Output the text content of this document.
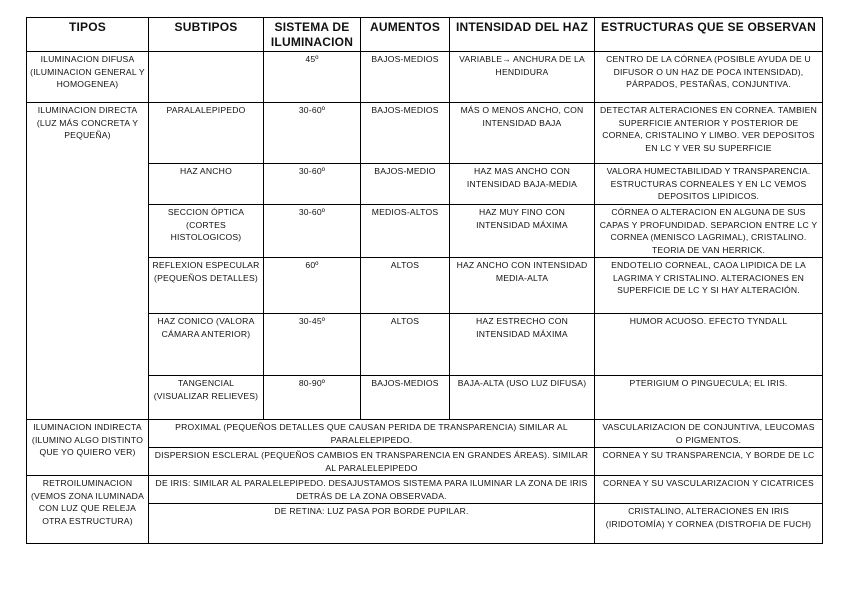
TIPOS	SUBTIPOS	SISTEMA DE ILUMINACION	AUMENTOS	INTENSIDAD DEL HAZ	ESTRUCTURAS QUE SE OBSERVAN
ILUMINACION DIFUSA (ILUMINACION GENERAL Y HOMOGENEA)		45º	BAJOS-MEDIOS	VARIABLE→ ANCHURA DE LA HENDIDURA	CENTRO DE LA CÓRNEA (POSIBLE AYUDA DE U DIFUSOR O UN HAZ DE POCA INTENSIDAD), PÁRPADOS, PESTAÑAS, CONJUNTIVA.
ILUMINACION DIRECTA (LUZ MÁS CONCRETA Y PEQUEÑA)	PARALALEPIPEDO	30-60º	BAJOS-MEDIOS	MÁS O MENOS ANCHO, CON INTENSIDAD BAJA	DETECTAR ALTERACIONES EN CORNEA. TAMBIEN SUPERFICIE ANTERIOR Y POSTERIOR DE CORNEA, CRISTALINO Y LIMBO. VER DEPOSITOS EN LC Y VER SU SUPERFICIE
	HAZ ANCHO	30-60º	BAJOS-MEDIO	HAZ MAS ANCHO CON INTENSIDAD BAJA-MEDIA	VALORA HUMECTABILIDAD Y TRANSPARENCIA. ESTRUCTURAS CORNEALES Y EN LC VEMOS DEPOSITOS LIPIDICOS.
	SECCION ÓPTICA (CORTES HISTOLOGICOS)	30-60º	MEDIOS-ALTOS	HAZ MUY FINO CON INTENSIDAD MÁXIMA	CÓRNEA O ALTERACION EN ALGUNA DE SUS CAPAS Y PROFUNDIDAD. SEPARCION ENTRE LC Y CORNEA (MENISCO LAGRIMAL), CRISTALINO. TEORIA DE VAN HERRICK.
	REFLEXION ESPECULAR (PEQUEÑOS DETALLES)	60º	ALTOS	HAZ ANCHO CON INTENSIDAD MEDIA-ALTA	ENDOTELIO CORNEAL, CAOA LIPIDICA DE LA LAGRIMA Y CRISTALINO. ALTERACIONES EN SUPERFICIE DE LC Y SI HAY ALTERACIÓN.
	HAZ CONICO (VALORA CÁMARA ANTERIOR)	30-45º	ALTOS	HAZ ESTRECHO CON INTENSIDAD MÁXIMA	HUMOR ACUOSO. EFECTO TYNDALL
	TANGENCIAL (VISUALIZAR RELIEVES)	80-90º	BAJOS-MEDIOS	BAJA-ALTA (USO LUZ DIFUSA)	PTERIGIUM O PINGUECULA; EL IRIS.
ILUMINACION INDIRECTA (ILUMINO ALGO DISTINTO QUE YO QUIERO VER)	PROXIMAL (PEQUEÑOS DETALLES QUE CAUSAN PERIDA DE TRANSPARENCIA) SIMILAR AL PARALELEPIPEDO.				VASCULARIZACION DE CONJUNTIVA, LEUCOMAS O PIGMENTOS.
	DISPERSION ESCLERAL (PEQUEÑOS CAMBIOS EN TRANSPARENCIA EN GRANDES ÁREAS). SIMILAR AL PARALELEPIPEDO				CORNEA Y SU TRANSPARENCIA, Y BORDE DE LC
RETROILUMINACION (VEMOS ZONA ILUMINADA CON LUZ QUE RELEJA OTRA ESTRUCTURA)	DE IRIS: SIMILAR AL PARALELEPIPEDO. DESAJUSTAMOS SISTEMA PARA ILUMINAR LA ZONA DE IRIS DETRÁS DE LA ZONA OBSERVADA.				CORNEA Y SU VASCULARIZACION Y CICATRICES
	DE RETINA: LUZ PASA POR BORDE PUPILAR.				CRISTALINO, ALTERACIONES EN IRIS (IRIDOTOMÍA) Y CORNEA (DISTROFIA DE FUCH)
